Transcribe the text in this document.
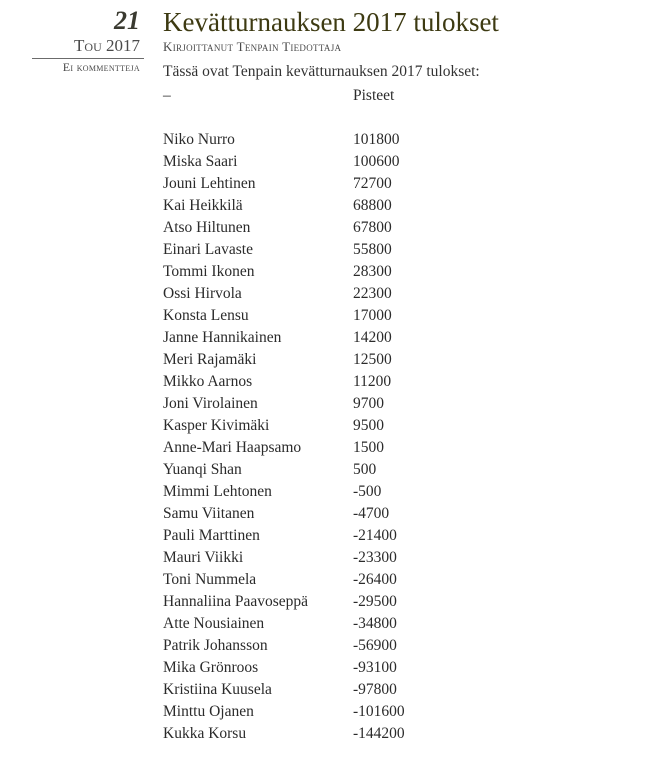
21
Tou 2017
Ei kommentteja
Kevätturnauksen 2017 tulokset
Kirjoittanut Tenpain Tiedottaja
Tässä ovat Tenpain kevätturnauksen 2017 tulokset:
–	Pisteet

Niko Nurro	101800
Miska Saari	100600
Jouni Lehtinen	72700
Kai Heikkilä	68800
Atso Hiltunen	67800
Einari Lavaste	55800
Tommi Ikonen	28300
Ossi Hirvola	22300
Konsta Lensu	17000
Janne Hannikainen	14200
Meri Rajamäki	12500
Mikko Aarnos	11200
Joni Virolainen	9700
Kasper Kivimäki	9500
Anne-Mari Haapsamo	1500
Yuanqi Shan	500
Mimmi Lehtonen	-500
Samu Viitanen	-4700
Pauli Marttinen	-21400
Mauri Viikki	-23300
Toni Nummela	-26400
Hannaliina Paavoseppä	-29500
Atte Nousiainen	-34800
Patrik Johansson	-56900
Mika Grönroos	-93100
Kristiina Kuusela	-97800
Minttu Ojanen	-101600
Kukka Korsu	-144200
